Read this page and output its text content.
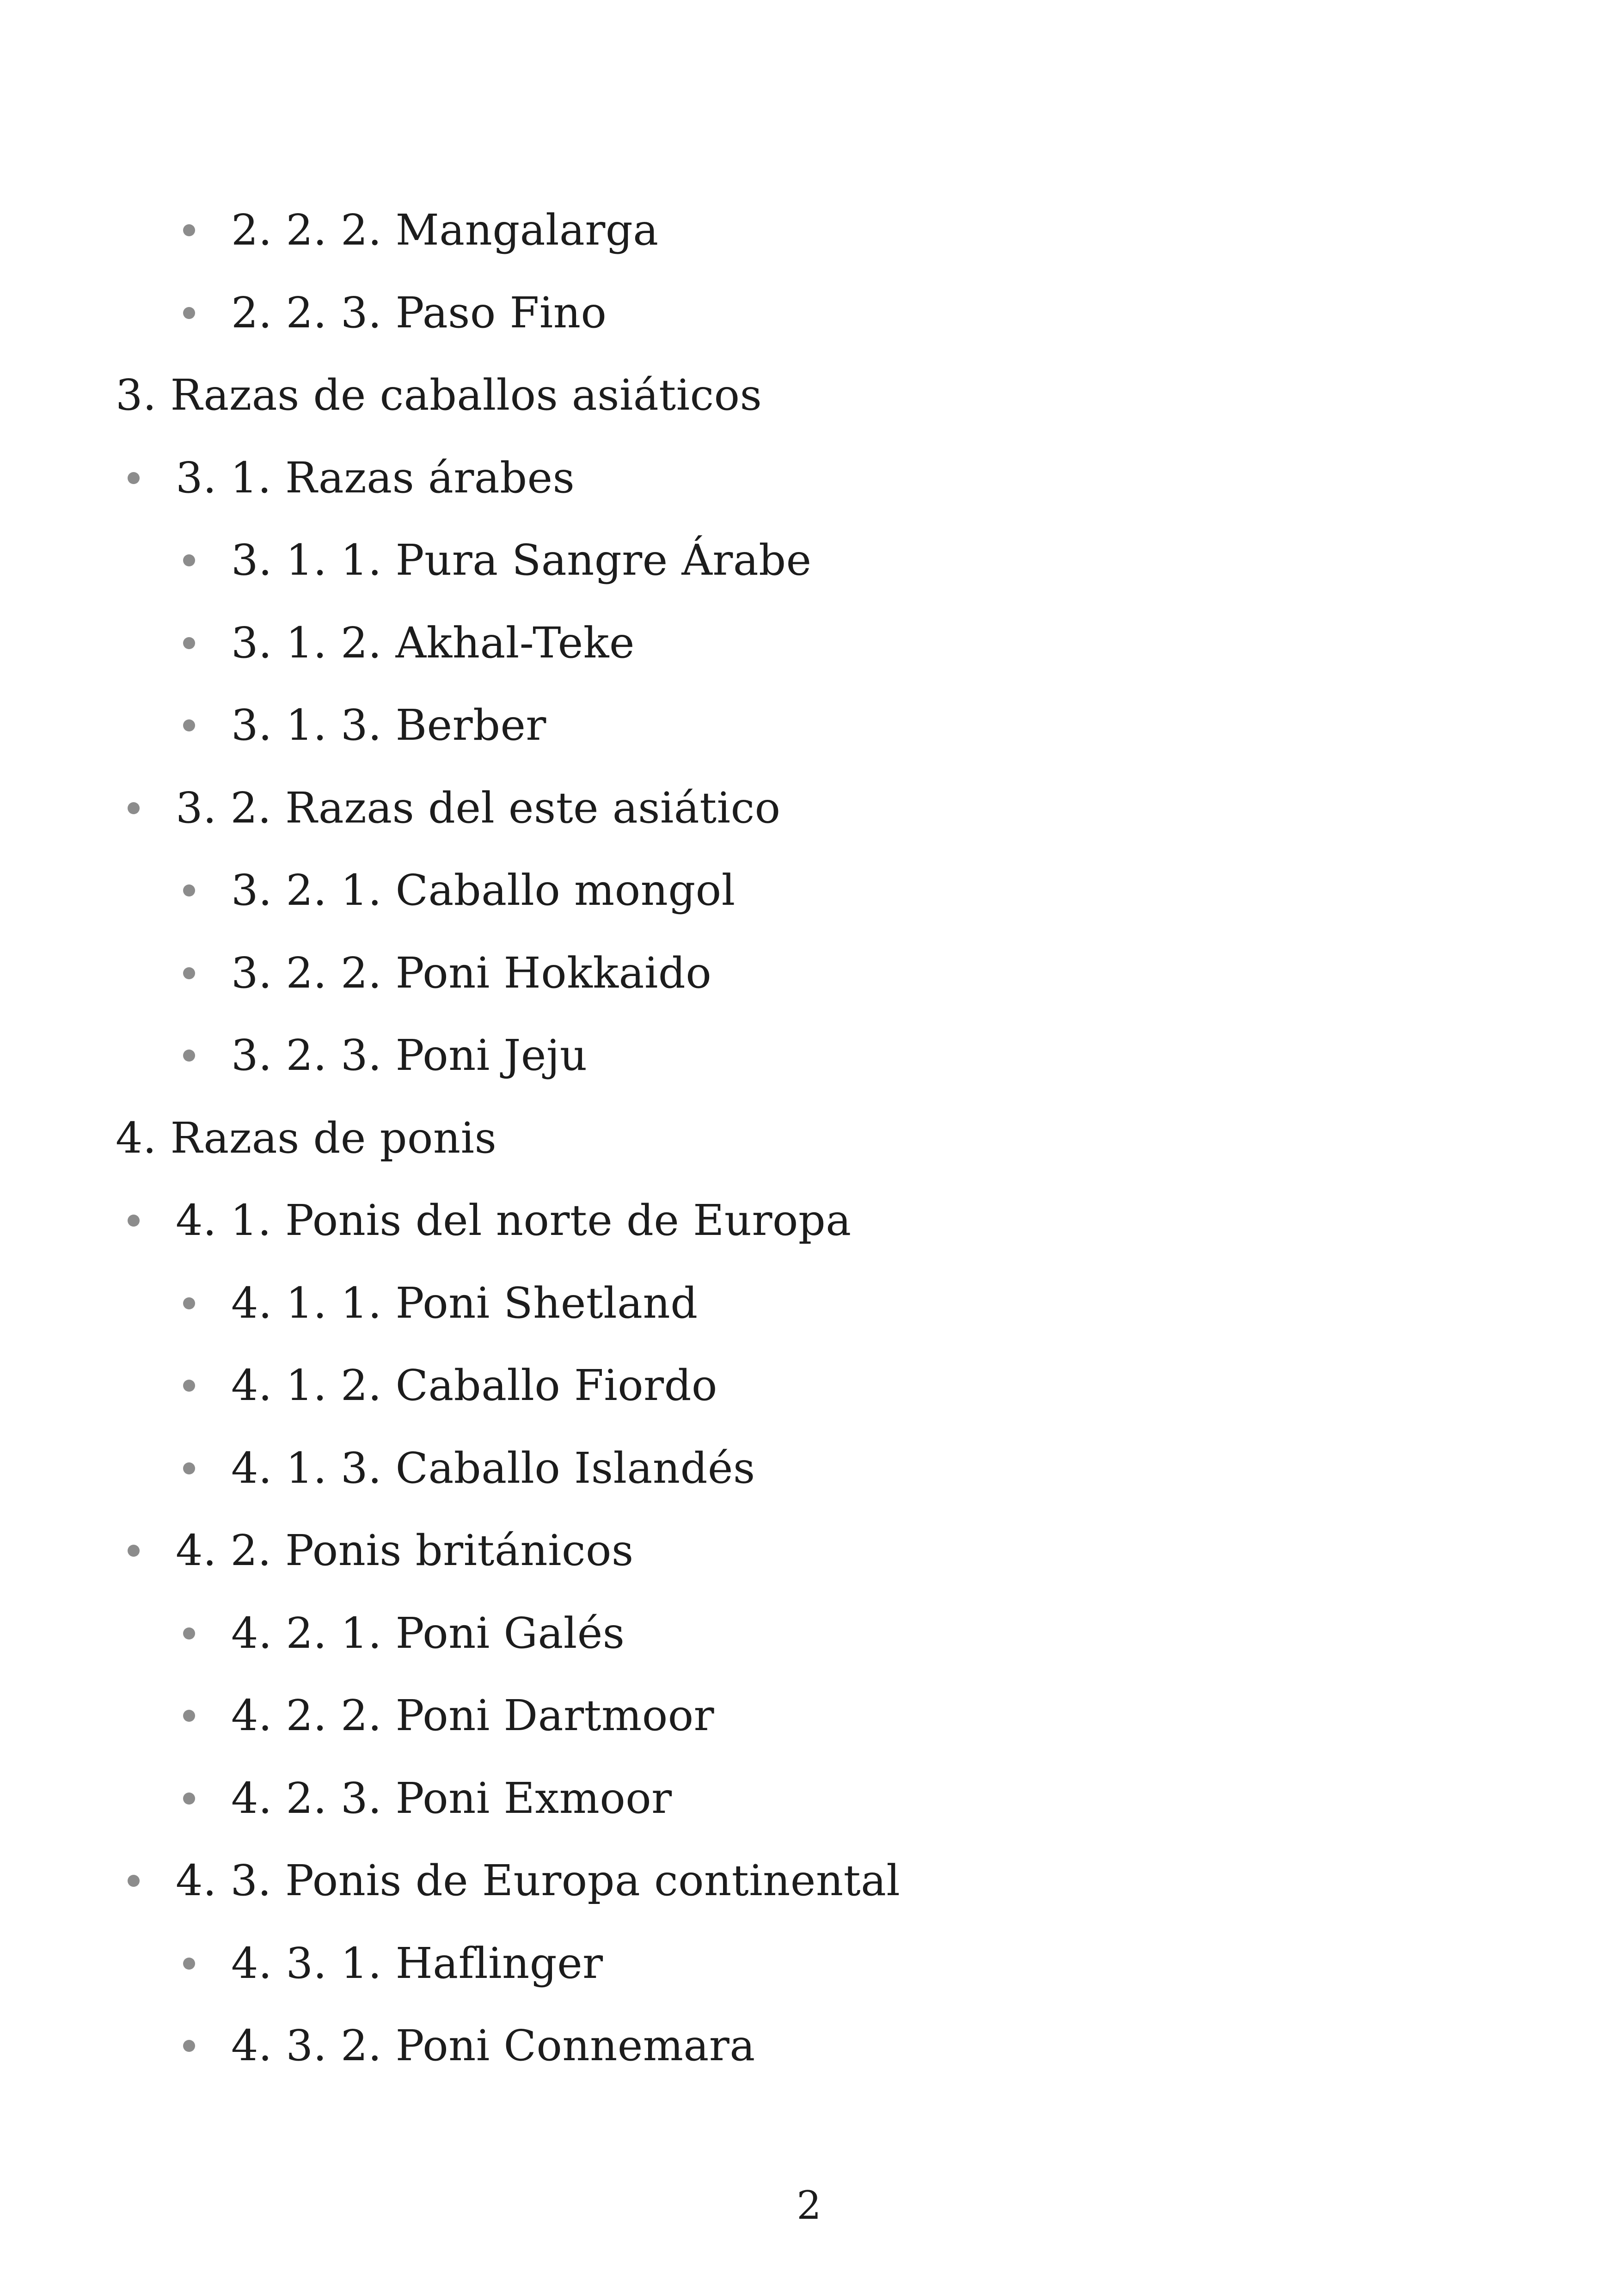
2. 2. 2. Mangalarga
2. 2. 3. Paso Fino
3. Razas de caballos asiáticos
3. 1. Razas árabes
3. 1. 1. Pura Sangre Árabe
3. 1. 2. Akhal-Teke
3. 1. 3. Berber
3. 2. Razas del este asiático
3. 2. 1. Caballo mongol
3. 2. 2. Poni Hokkaido
3. 2. 3. Poni Jeju
4. Razas de ponis
4. 1. Ponis del norte de Europa
4. 1. 1. Poni Shetland
4. 1. 2. Caballo Fiordo
4. 1. 3. Caballo Islandés
4. 2. Ponis británicos
4. 2. 1. Poni Galés
4. 2. 2. Poni Dartmoor
4. 2. 3. Poni Exmoor
4. 3. Ponis de Europa continental
4. 3. 1. Haflinger
4. 3. 2. Poni Connemara
2
